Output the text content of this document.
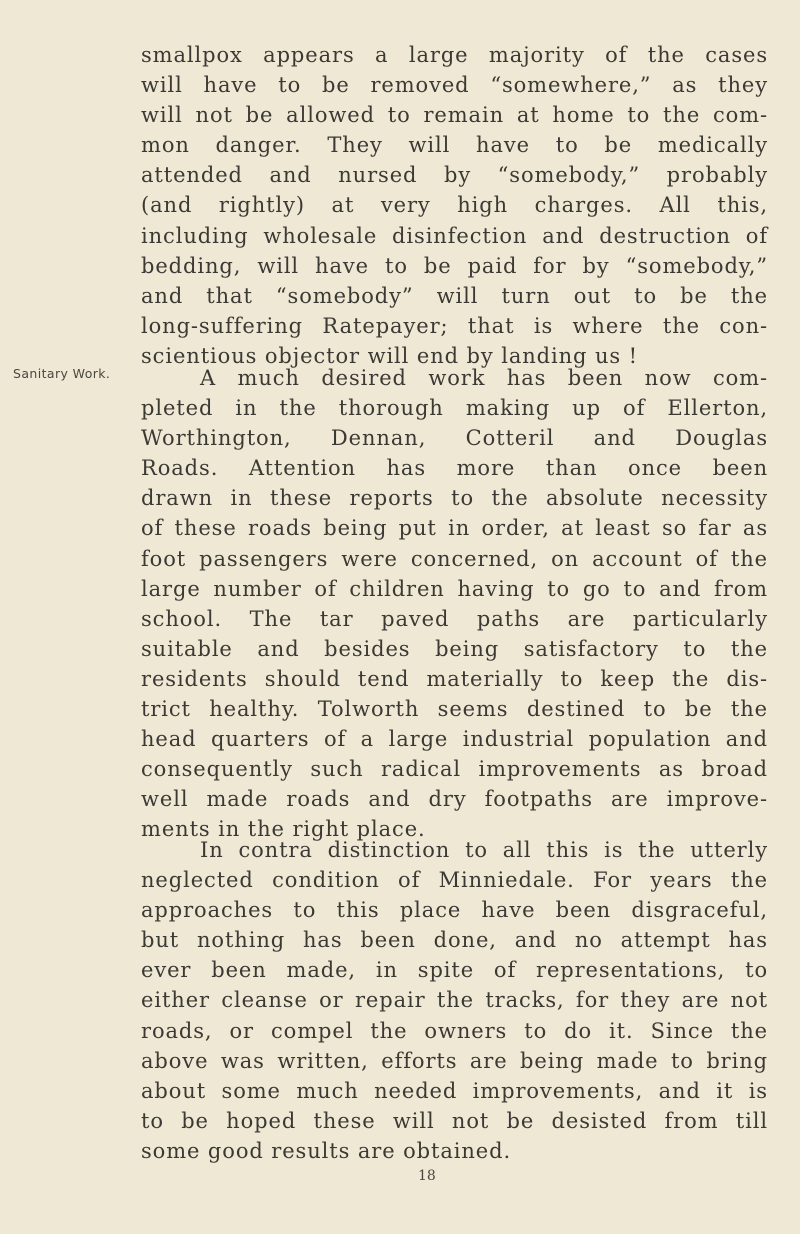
Sanitary Work.
smallpox appears a large majority of the cases
will have to be removed “somewhere,” as they
will not be allowed to remain at home to the com-
mon danger. They will have to be medically
attended and nursed by “somebody,” probably
(and rightly) at very high charges. All this,
including wholesale disinfection and destruction of
bedding, will have to be paid for by “somebody,”
and that “somebody” will turn out to be the
long-suffering Ratepayer; that is where the con-
scientious objector will end by landing us !
A much desired work has been now com-
pleted in the thorough making up of Ellerton,
Worthington, Dennan, Cotteril and Douglas
Roads. Attention has more than once been
drawn in these reports to the absolute necessity
of these roads being put in order, at least so far as
foot passengers were concerned, on account of the
large number of children having to go to and from
school. The tar paved paths are particularly
suitable and besides being satisfactory to the
residents should tend materially to keep the dis-
trict healthy. Tolworth seems destined to be the
head quarters of a large industrial population and
consequently such radical improvements as broad
well made roads and dry footpaths are improve-
ments in the right place.
In contra distinction to all this is the utterly
neglected condition of Minniedale. For years the
approaches to this place have been disgraceful,
but nothing has been done, and no attempt has
ever been made, in spite of representations, to
either cleanse or repair the tracks, for they are not
roads, or compel the owners to do it. Since the
above was written, efforts are being made to bring
about some much needed improvements, and it is
to be hoped these will not be desisted from till
some good results are obtained.
18
